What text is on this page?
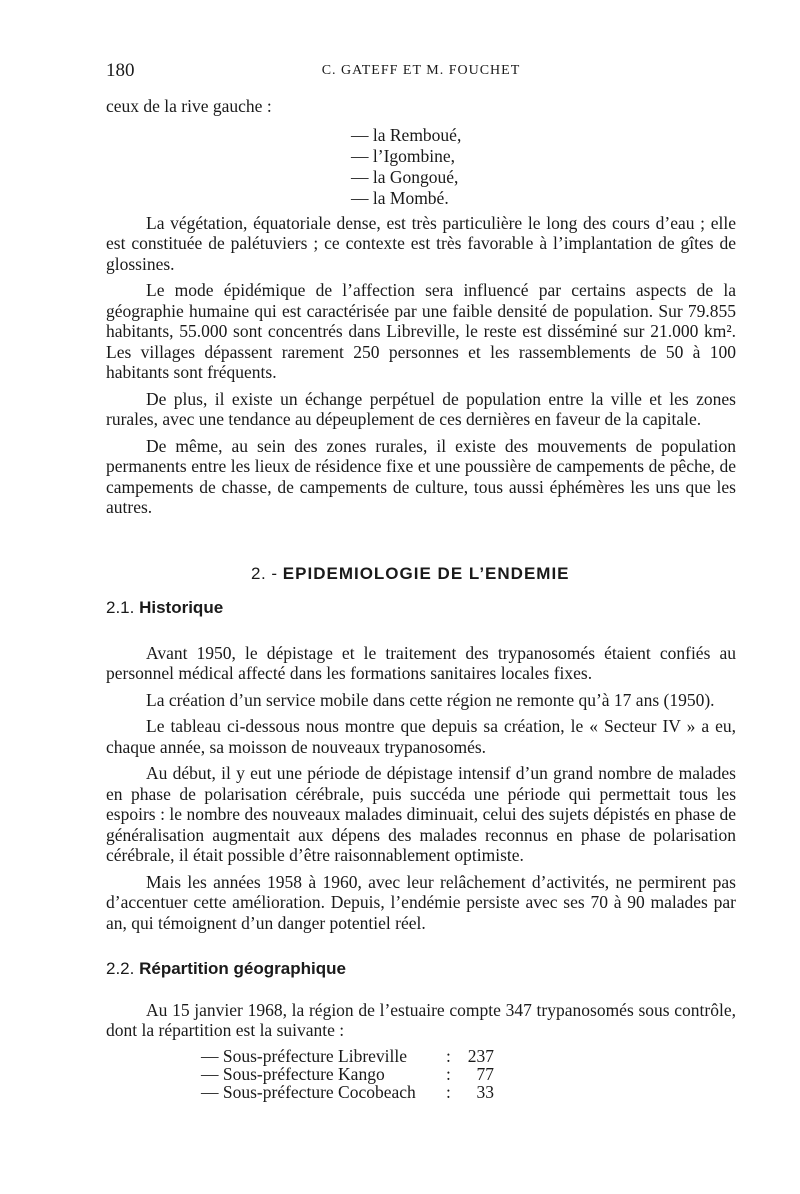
180	C. GATEFF ET M. FOUCHET

ceux de la rive gauche :

— la Rembοué,
— l’Igombine,
— la Gongoué,
— la Mombé.

La végétation, équatoriale dense, est très particulière le long des cours d’eau ; elle est constituée de palétuviers ; ce contexte est très favorable à l’implantation de gîtes de glossines.

Le mode épidémique de l’affection sera influencé par certains aspects de la géographie humaine qui est caractérisée par une faible densité de population. Sur 79.855 habitants, 55.000 sont concentrés dans Libreville, le reste est disséminé sur 21.000 km². Les villages dépassent rarement 250 personnes et les rassemblements de 50 à 100 habitants sont fréquents.

De plus, il existe un échange perpétuel de population entre la ville et les zones rurales, avec une tendance au dépeuplement de ces dernières en faveur de la capitale.

De même, au sein des zones rurales, il existe des mouvements de population permanents entre les lieux de résidence fixe et une poussière de campements de pêche, de campements de chasse, de campements de culture, tous aussi éphémères les uns que les autres.

2. - EPIDEMIOLOGIE DE L’ENDEMIE
2.1. Historique

Avant 1950, le dépistage et le traitement des trypanosomés étaient confiés au personnel médical affecté dans les formations sanitaires locales fixes.

La création d’un service mobile dans cette région ne remonte qu’à 17 ans (1950).

Le tableau ci-dessous nous montre que depuis sa création, le « Secteur IV » a eu, chaque année, sa moisson de nouveaux trypanosomés.

Au début, il y eut une période de dépistage intensif d’un grand nombre de malades en phase de polarisation cérébrale, puis succéda une période qui permettait tous les espoirs : le nombre des nouveaux malades diminuait, celui des sujets dépistés en phase de généralisation augmentait aux dépens des malades reconnus en phase de polarisation cérébrale, il était possible d’être raisonnablement optimiste.

Mais les années 1958 à 1960, avec leur relâchement d’activités, ne permirent pas d’accentuer cette amélioration. Depuis, l’endémie persiste avec ses 70 à 90 malades par an, qui témoignent d’un danger potentiel réel.

2.2. Répartition géographique

Au 15 janvier 1968, la région de l’estuaire compte 347 trypanosomés sous contrôle, dont la répartition est la suivante :

— Sous-préfecture Libreville	: 237
— Sous-préfecture Kango	:	77
— Sous-préfecture Cocobeach	:	33
